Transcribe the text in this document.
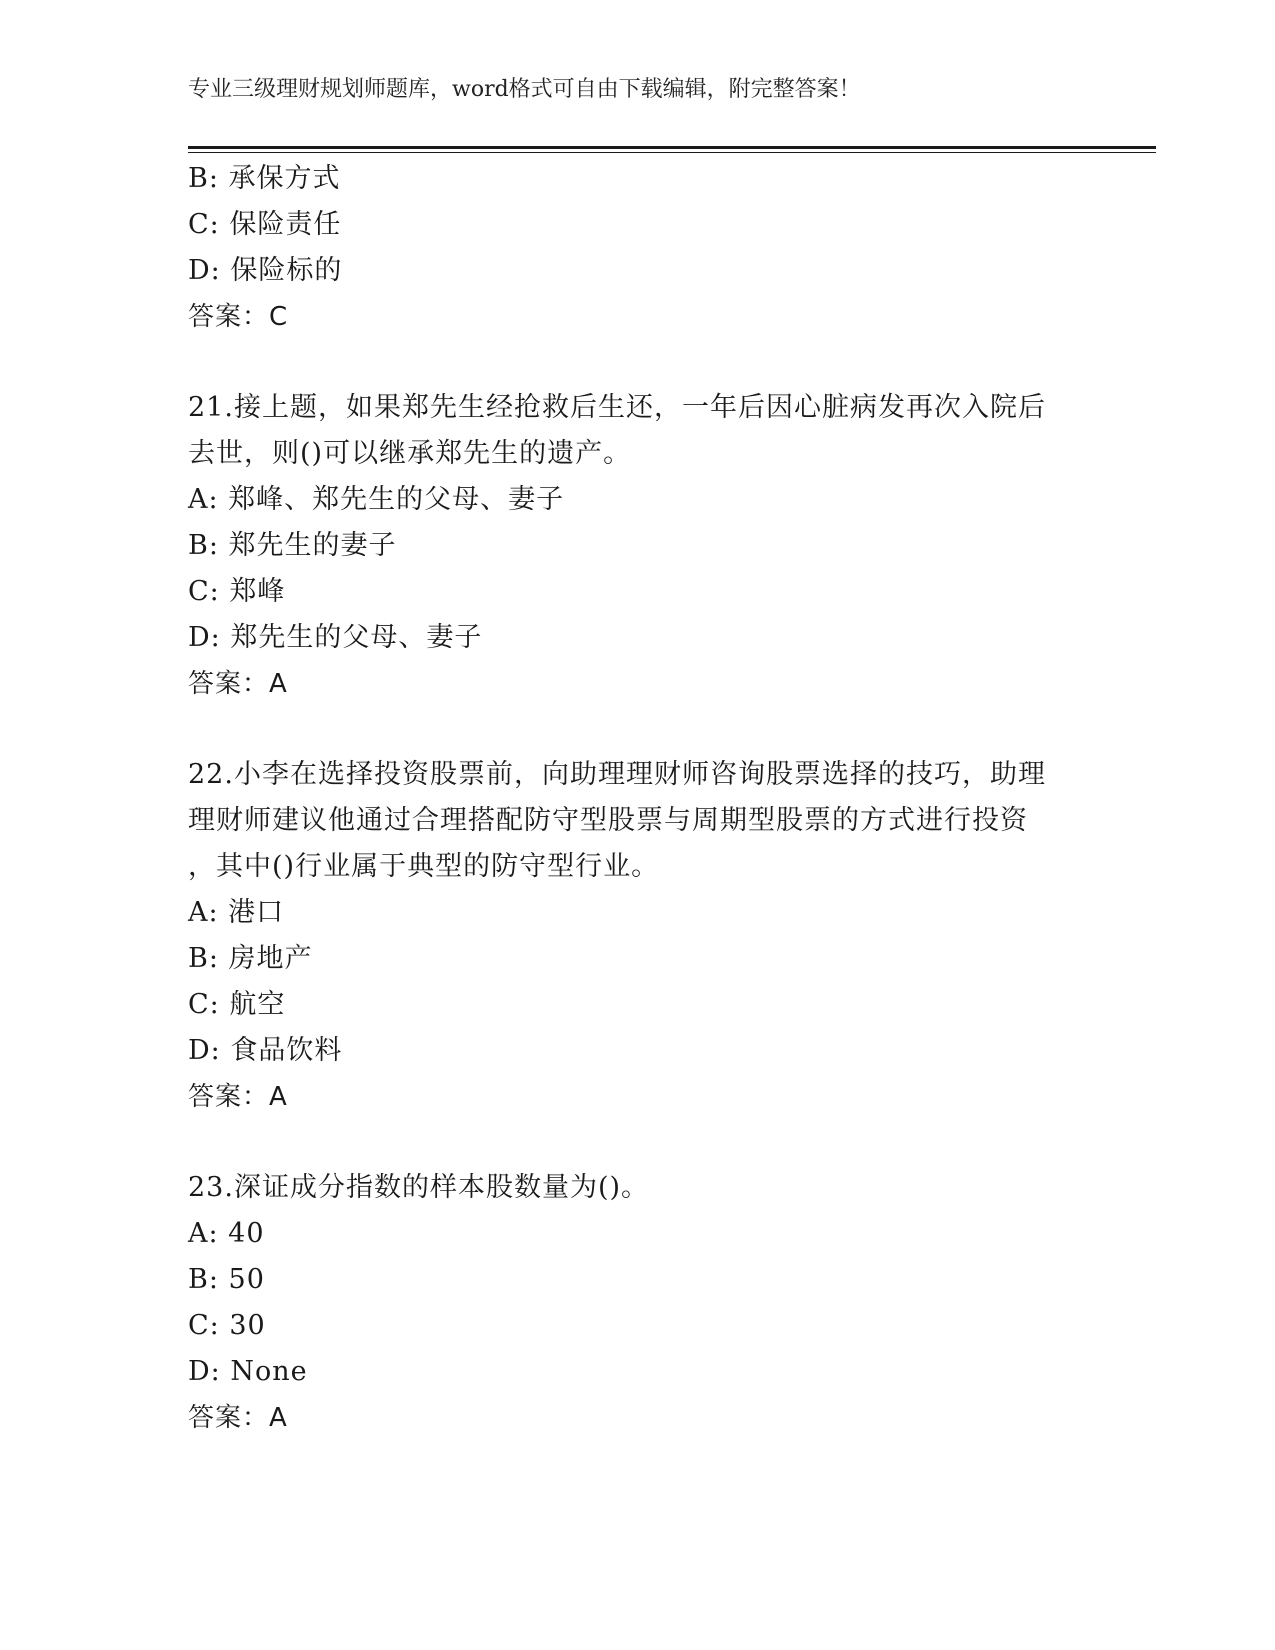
专业三级理财规划师题库，word格式可自由下载编辑，附完整答案！
B: 承保方式
C: 保险责任
D: 保险标的
答案：C
21.接上题，如果郑先生经抢救后生还，一年后因心脏病发再次入院后
去世，则()可以继承郑先生的遗产。
A: 郑峰、郑先生的父母、妻子
B: 郑先生的妻子
C: 郑峰
D: 郑先生的父母、妻子
答案：A
22.小李在选择投资股票前，向助理理财师咨询股票选择的技巧，助理
理财师建议他通过合理搭配防守型股票与周期型股票的方式进行投资
，其中()行业属于典型的防守型行业。
A: 港口
B: 房地产
C: 航空
D: 食品饮料
答案：A
23.深证成分指数的样本股数量为()。
A: 40
B: 50
C: 30
D: None
答案：A
